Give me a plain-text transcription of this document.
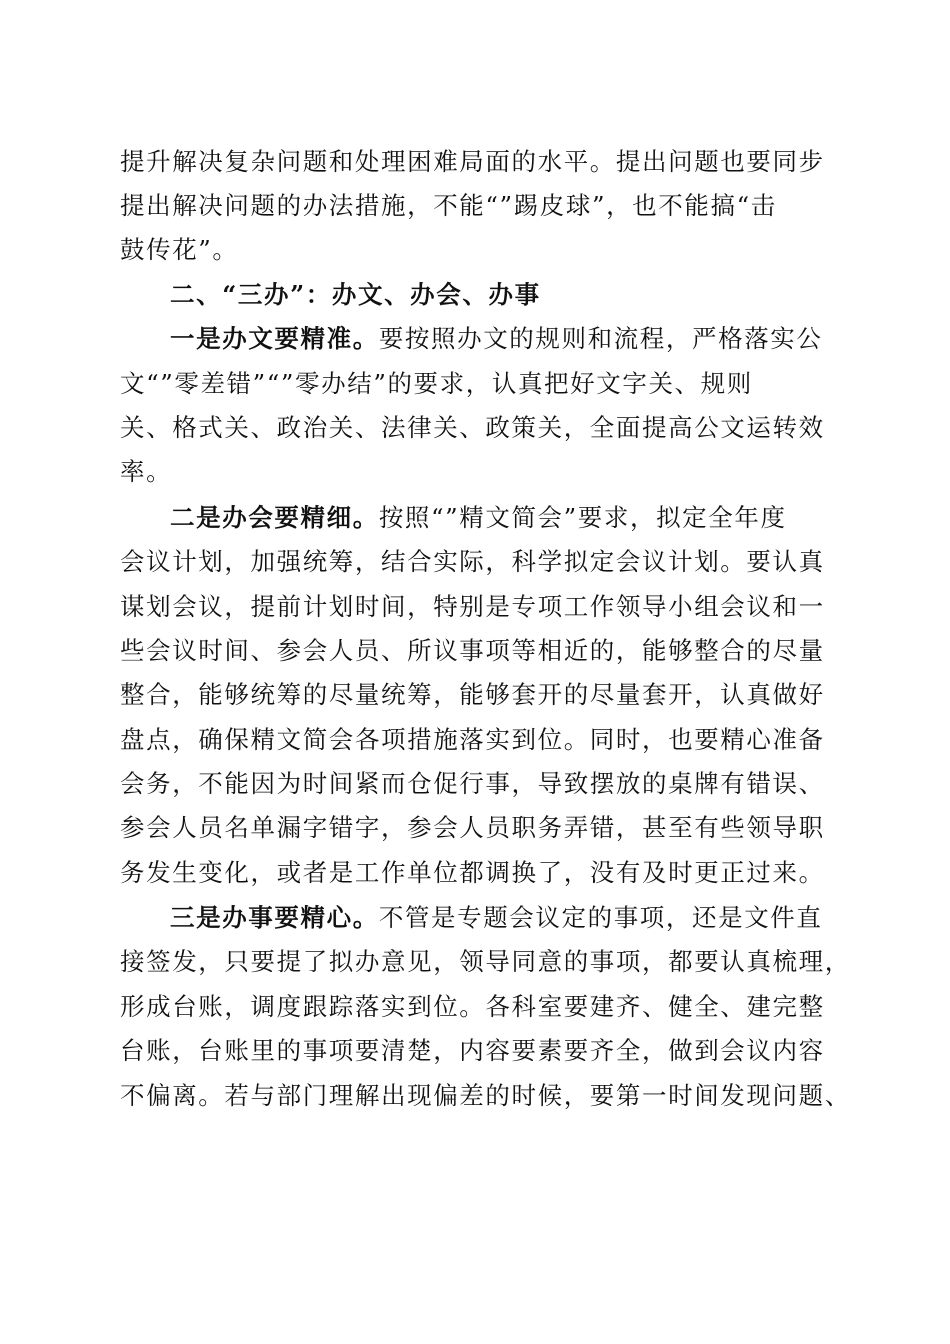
提升解决复杂问题和处理困难局面的水平。提出问题也要同步
提出解决问题的办法措施，不能“”踢皮球”，也不能搞“击
鼓传花”。
二、“三办”：办文、办会、办事
一是办文要精准。要按照办文的规则和流程，严格落实公
文“”零差错”“”零办结”的要求，认真把好文字关、规则
关、格式关、政治关、法律关、政策关，全面提高公文运转效
率。
二是办会要精细。按照“”精文简会”要求，拟定全年度
会议计划，加强统筹，结合实际，科学拟定会议计划。要认真
谋划会议，提前计划时间，特别是专项工作领导小组会议和一
些会议时间、参会人员、所议事项等相近的，能够整合的尽量
整合，能够统筹的尽量统筹，能够套开的尽量套开，认真做好
盘点，确保精文简会各项措施落实到位。同时，也要精心准备
会务，不能因为时间紧而仓促行事，导致摆放的桌牌有错误、
参会人员名单漏字错字，参会人员职务弄错，甚至有些领导职
务发生变化，或者是工作单位都调换了，没有及时更正过来。
三是办事要精心。不管是专题会议定的事项，还是文件直
接签发，只要提了拟办意见，领导同意的事项，都要认真梳理，
形成台账，调度跟踪落实到位。各科室要建齐、健全、建完整
台账，台账里的事项要清楚，内容要素要齐全，做到会议内容
不偏离。若与部门理解出现偏差的时候，要第一时间发现问题、
